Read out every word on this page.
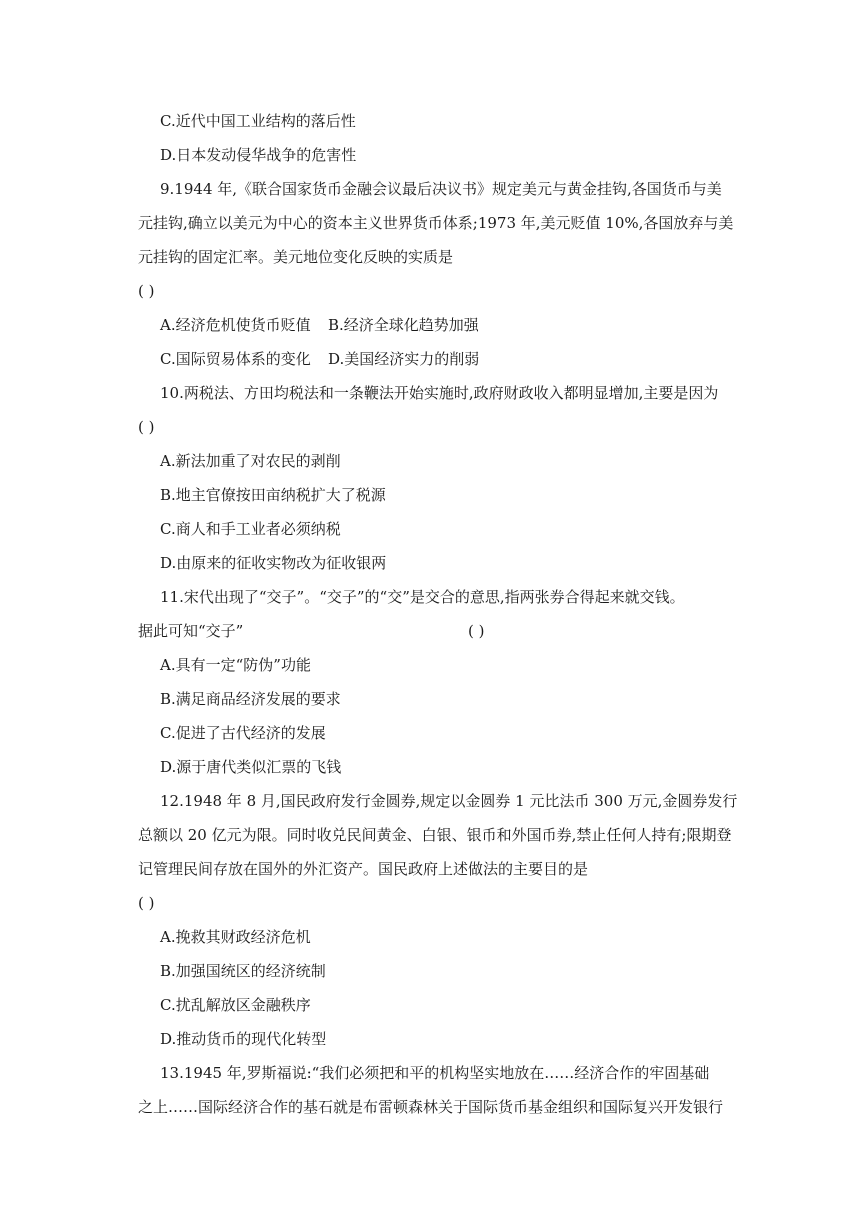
C.近代中国工业结构的落后性
D.日本发动侵华战争的危害性
9.1944 年,《联合国家货币金融会议最后决议书》规定美元与黄金挂钩,各国货币与美
元挂钩,确立以美元为中心的资本主义世界货币体系;1973 年,美元贬值 10%,各国放弃与美
元挂钩的固定汇率。美元地位变化反映的实质是
( )
A.经济危机使货币贬值	B.经济全球化趋势加强
C.国际贸易体系的变化	D.美国经济实力的削弱
10.两税法、方田均税法和一条鞭法开始实施时,政府财政收入都明显增加,主要是因为
( )
A.新法加重了对农民的剥削
B.地主官僚按田亩纳税扩大了税源
C.商人和手工业者必须纳税
D.由原来的征收实物改为征收银两
11.宋代出现了“交子”。“交子”的“交”是交合的意思,指两张券合得起来就交钱。
据此可知“交子”	( )
A.具有一定“防伪”功能
B.满足商品经济发展的要求
C.促进了古代经济的发展
D.源于唐代类似汇票的飞钱
12.1948 年 8 月,国民政府发行金圆券,规定以金圆券 1 元比法币 300 万元,金圆券发行
总额以 20 亿元为限。同时收兑民间黄金、白银、银币和外国币券,禁止任何人持有;限期登
记管理民间存放在国外的外汇资产。国民政府上述做法的主要目的是
( )
A.挽救其财政经济危机
B.加强国统区的经济统制
C.扰乱解放区金融秩序
D.推动货币的现代化转型
13.1945 年,罗斯福说:“我们必须把和平的机构坚实地放在……经济合作的牢固基础
之上……国际经济合作的基石就是布雷顿森林关于国际货币基金组织和国际复兴开发银行
